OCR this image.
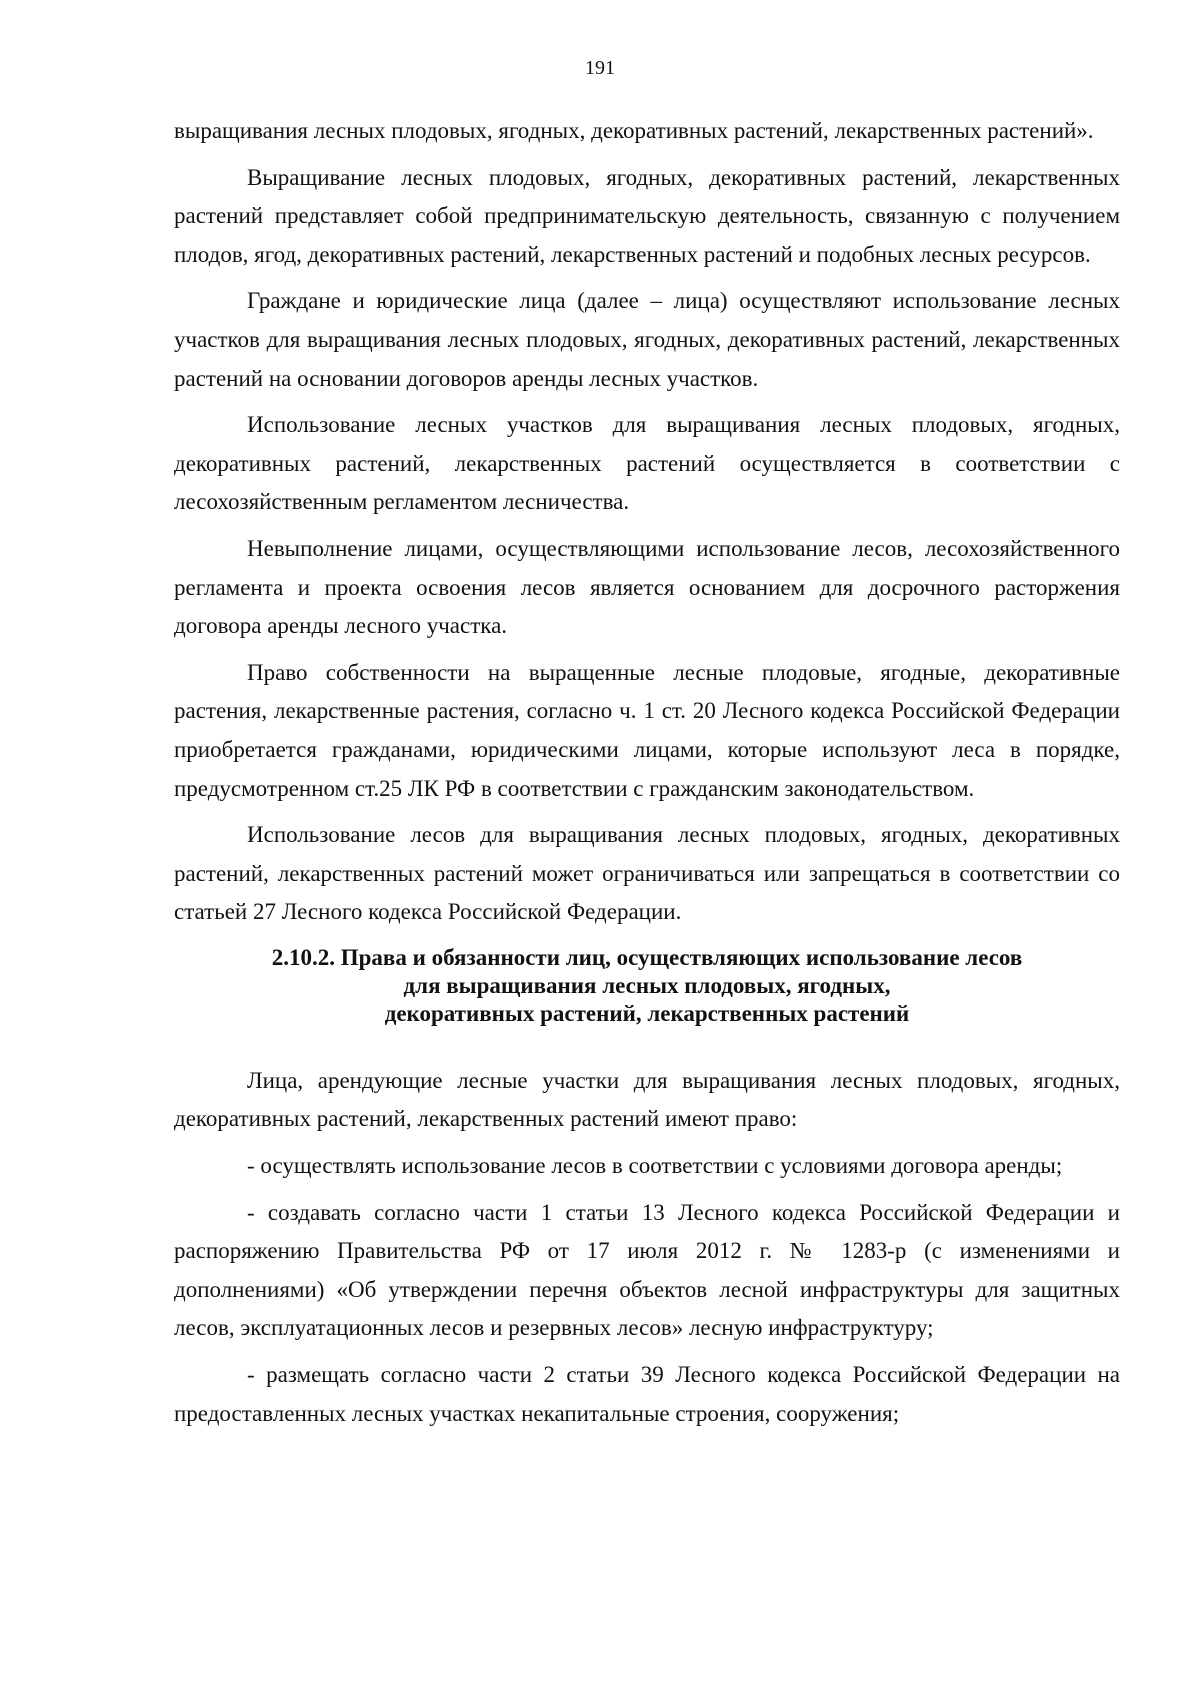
191

выращивания лесных плодовых, ягодных, декоративных растений, лекарственных растений».

Выращивание лесных плодовых, ягодных, декоративных растений, лекарственных растений представляет собой предпринимательскую деятельность, связанную с получением плодов, ягод, декоративных растений, лекарственных растений и подобных лесных ресурсов.

Граждане и юридические лица (далее – лица) осуществляют использование лесных участков для выращивания лесных плодовых, ягодных, декоративных растений, лекарственных растений на основании договоров аренды лесных участков.

Использование лесных участков для выращивания лесных плодовых, ягодных, декоративных растений, лекарственных растений осуществляется в соответствии с лесохозяйственным регламентом лесничества.

Невыполнение лицами, осуществляющими использование лесов, лесохозяйственного регламента и проекта освоения лесов является основанием для досрочного расторжения договора аренды лесного участка.

Право собственности на выращенные лесные плодовые, ягодные, декоративные растения, лекарственные растения, согласно ч. 1 ст. 20 Лесного кодекса Российской Федерации приобретается гражданами, юридическими лицами, которые используют леса в порядке, предусмотренном ст.25 ЛК РФ в соответствии с гражданским законодательством.

Использование лесов для выращивания лесных плодовых, ягодных, декоративных растений, лекарственных растений может ограничиваться или запрещаться в соответствии со статьей 27 Лесного кодекса Российской Федерации.

2.10.2. Права и обязанности лиц, осуществляющих использование лесов
для выращивания лесных плодовых, ягодных,
декоративных растений, лекарственных растений

Лица, арендующие лесные участки для выращивания лесных плодовых, ягодных, декоративных растений, лекарственных растений имеют право:

- осуществлять использование лесов в соответствии с условиями договора аренды;

- создавать согласно части 1 статьи 13 Лесного кодекса Российской Федерации и распоряжению Правительства РФ от 17 июля 2012 г. № 1283-р (с изменениями и дополнениями) «Об утверждении перечня объектов лесной инфраструктуры для защитных лесов, эксплуатационных лесов и резервных лесов» лесную инфраструктуру;

- размещать согласно части 2 статьи 39 Лесного кодекса Российской Федерации на предоставленных лесных участках некапитальные строения, сооружения;
